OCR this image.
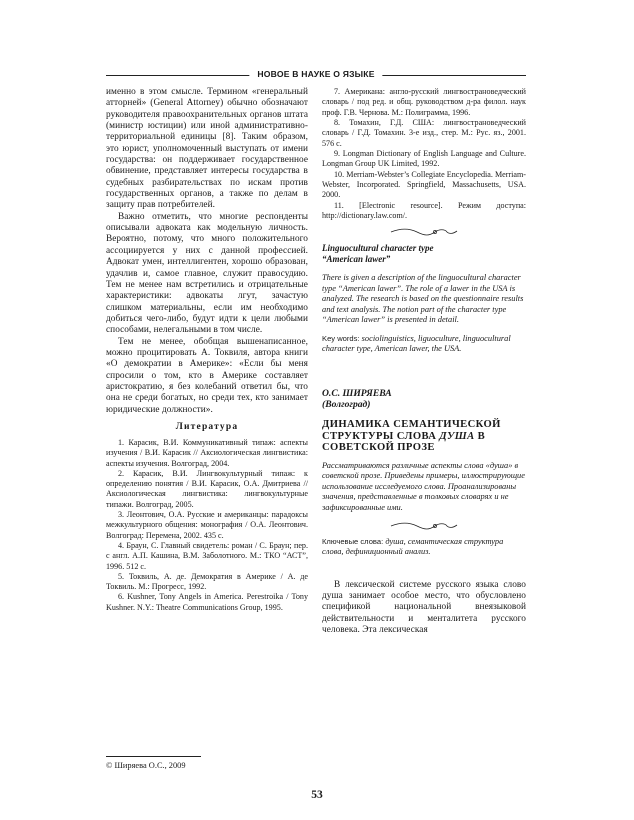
НОВОЕ В НАУКЕ О ЯЗЫКЕ

именно в этом смысле. Термином «генеральный атторней» (General Attorney) обычно обозначают руководителя правоохранительных органов штата (министр юстиции) или иной административно-территориальной единицы [8]. Таким образом, это юрист, уполномоченный выступать от имени государства: он поддерживает государственное обвинение, представляет интересы государства в судебных разбирательствах по искам против государственных органов, а также по делам в защиту прав потребителей.

Важно отметить, что многие респонденты описывали адвоката как модельную личность. Вероятно, потому, что много положительного ассоциируется у них с данной профессией. Адвокат умен, интеллигентен, хорошо образован, удачлив и, самое главное, служит правосудию. Тем не менее нам встретились и отрицательные характеристики: адвокаты лгут, зачастую слишком материальны, если им необходимо добиться чего-либо, будут идти к цели любыми способами, нелегальными в том числе.

Тем не менее, обобщая вышенаписанное, можно процитировать А. Токвиля, автора книги «О демократии в Америке»: «Если бы меня спросили о том, кто в Америке составляет аристократию, я без колебаний ответил бы, что она не среди богатых, но среди тех, кто занимает юридические должности».

Литература

1. Карасик, В.И. Коммуникативный типаж: аспекты изучения / В.И. Карасик // Аксиологическая лингвистика: аспекты изучения. Волгоград, 2004.

2. Карасик, В.И. Лингвокультурный типаж: к определению понятия / В.И. Карасик, О.А. Дмитриева // Аксиологическая лингвистика: лингвокультурные типажи. Волгоград, 2005.

3. Леонтович, О.А. Русские и американцы: парадоксы межкультурного общения: монография / О.А. Леонтович. Волгоград: Перемена, 2002. 435 с.

4. Браун, С. Главный свидетель: роман / С. Браун; пер. с англ. А.П. Кашина, В.М. Заболотного. М.: ТКО “АСТ”, 1996. 512 с.

5. Токвиль, А. де. Демократия в Америке / А. де Токвиль. М.: Прогресс, 1992.

6. Kushner, Tony Angels in America. Perestroika / Tony Kushner. N.Y.: Theatre Communications Group, 1995.

7. Американа: англо-русский лингвострановедческий словарь / под ред. и общ. руководством д-ра филол. наук проф. Г.В. Чернова. М.: Полиграмма, 1996.

8. Томахин, Г.Д. США: лингвострановедческий словарь / Г.Д. Томахин. 3-е изд., стер. М.: Рус. яз., 2001. 576 с.

9. Longman Dictionary of English Language and Culture. Longman Group UK Limited, 1992.

10. Merriam-Webster’s Collegiate Encyclopedia. Merriam-Webster, Incorporated. Springfield, Massachusetts, USA. 2000.

11. [Electronic resource]. Режим доступа: http://dictionary.law.com/.

Linguocultural character type
“American lawer”

There is given a description of the linguocultural character type “American lawer”. The role of a lawer in the USA is analyzed. The research is based on the questionnaire results and text analysis. The notion part of the character type “American lawer” is presented in detail.

Key words: sociolinguistics, liguoculture, linguocultural character type, American lawer, the USA.

О.С. ШИРЯЕВА
(Волгоград)
ДИНАМИКА СЕМАНТИЧЕСКОЙ СТРУКТУРЫ СЛОВА ДУША В СОВЕТСКОЙ ПРОЗЕ

Рассматриваются различные аспекты слова «душа» в советской прозе. Приведены примеры, иллюстрирующие использование исследуемого слова. Проанализированы значения, представленные в толковых словарях и не зафиксированные ими.

Ключевые слова: душа, семантическая структура слова, дефиниционный анализ.

В лексической системе русского языка слово душа занимает особое место, что обусловлено спецификой национальной внеязыковой действительности и менталитета русского человека. Эта лексическая

© Ширяева О.С., 2009
53
